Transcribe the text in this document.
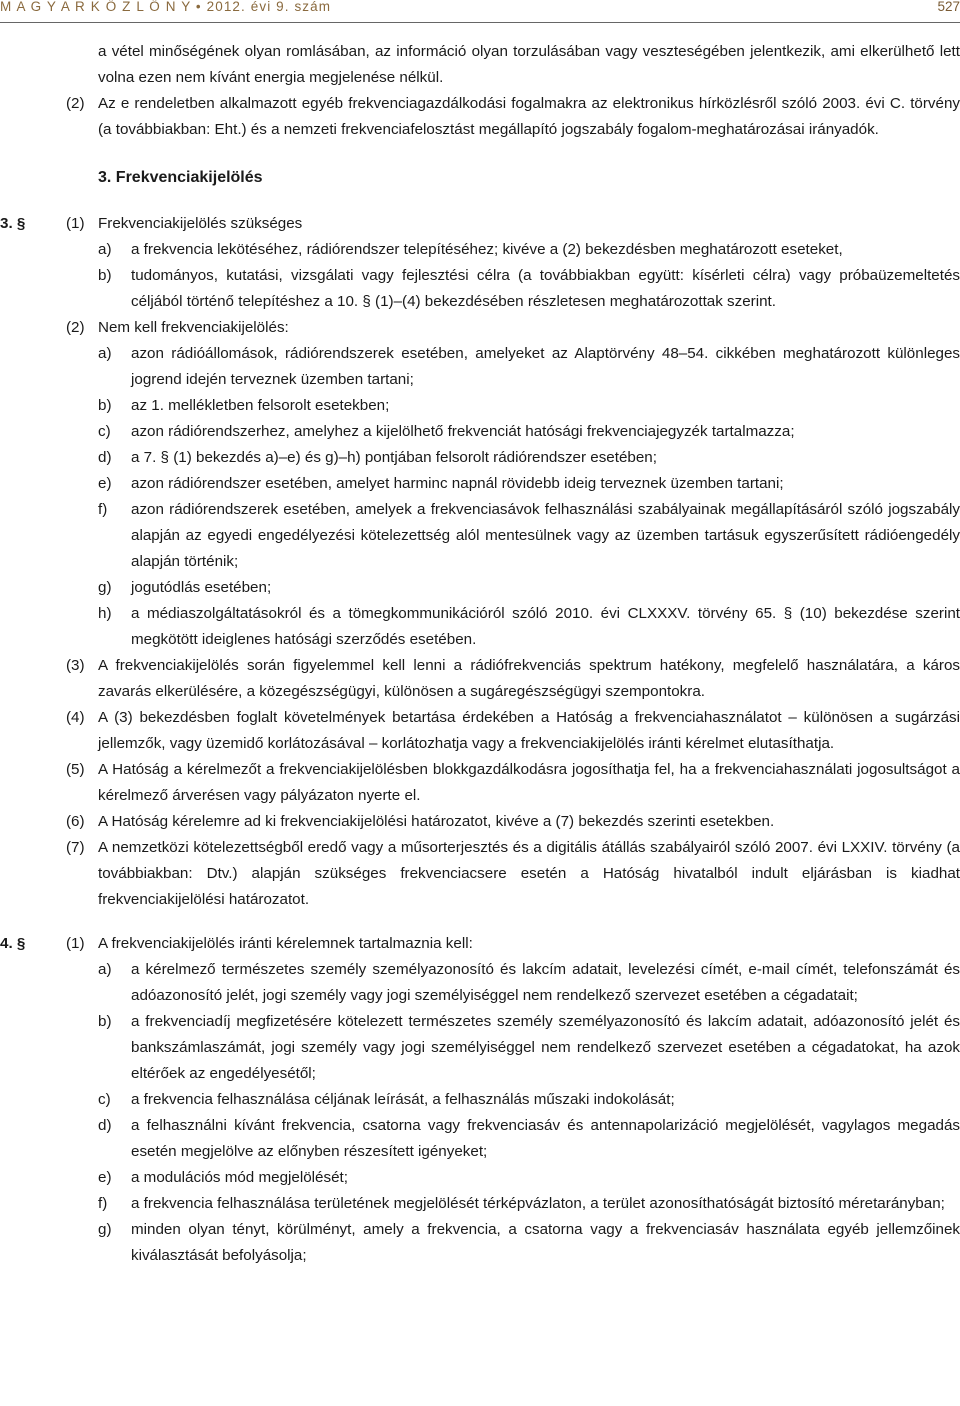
M A G Y A R K Ö Z L Ö N Y • 2012. évi 9. szám	527

a vétel minőségének olyan romlásában, az információ olyan torzulásában vagy veszteségében jelentkezik, ami elkerülhető lett volna ezen nem kívánt energia megjelenése nélkül.

(2) Az e rendeletben alkalmazott egyéb frekvenciagazdálkodási fogalmakra az elektronikus hírközlésről szóló 2003. évi C. törvény (a továbbiakban: Eht.) és a nemzeti frekvenciafelosztást megállapító jogszabály fogalom-meghatározásai irányadók.

3. Frekvenciakijelölés
3. §	(1) Frekvenciakijelölés szükséges

a) a frekvencia lekötéséhez, rádiórendszer telepítéséhez; kivéve a (2) bekezdésben meghatározott eseteket,

b) tudományos, kutatási, vizsgálati vagy fejlesztési célra (a továbbiakban együtt: kísérleti célra) vagy próbaüzemeltetés céljából történő telepítéshez a 10. § (1)–(4) bekezdésében részletesen meghatározottak szerint.

(2) Nem kell frekvenciakijelölés:

a) azon rádióállomások, rádiórendszerek esetében, amelyeket az Alaptörvény 48–54. cikkében meghatározott különleges jogrend idején terveznek üzemben tartani;

b) az 1. mellékletben felsorolt esetekben;

c) azon rádiórendszerhez, amelyhez a kijelölhető frekvenciát hatósági frekvenciajegyzék tartalmazza;

d) a 7. § (1) bekezdés a)–e) és g)–h) pontjában felsorolt rádiórendszer esetében;

e) azon rádiórendszer esetében, amelyet harminc napnál rövidebb ideig terveznek üzemben tartani;

f) azon rádiórendszerek esetében, amelyek a frekvenciasávok felhasználási szabályainak megállapításáról szóló jogszabály alapján az egyedi engedélyezési kötelezettség alól mentesülnek vagy az üzemben tartásuk egyszerűsített rádióengedély alapján történik;

g) jogutódlás esetében;

h) a médiaszolgáltatásokról és a tömegkommunikációról szóló 2010. évi CLXXXV. törvény 65. § (10) bekezdése szerint megkötött ideiglenes hatósági szerződés esetében.

(3) A frekvenciakijelölés során figyelemmel kell lenni a rádiófrekvenciás spektrum hatékony, megfelelő használatára, a káros zavarás elkerülésére, a közegészségügyi, különösen a sugáregészségügyi szempontokra.

(4) A (3) bekezdésben foglalt követelmények betartása érdekében a Hatóság a frekvenciahasználatot – különösen a sugárzási jellemzők, vagy üzemidő korlátozásával – korlátozhatja vagy a frekvenciakijelölés iránti kérelmet elutasíthatja.

(5) A Hatóság a kérelmezőt a frekvenciakijelölésben blokkgazdálkodásra jogosíthatja fel, ha a frekvenciahasználati jogosultságot a kérelmező árverésen vagy pályázaton nyerte el.

(6) A Hatóság kérelemre ad ki frekvenciakijelölési határozatot, kivéve a (7) bekezdés szerinti esetekben.

(7) A nemzetközi kötelezettségből eredő vagy a műsorterjesztés és a digitális átállás szabályairól szóló 2007. évi LXXIV. törvény (a továbbiakban: Dtv.) alapján szükséges frekvenciacsere esetén a Hatóság hivatalból indult eljárásban is kiadhat frekvenciakijelölési határozatot.

4. §	(1) A frekvenciakijelölés iránti kérelemnek tartalmaznia kell:

a) a kérelmező természetes személy személyazonosító és lakcím adatait, levelezési címét, e-mail címét, telefonszámát és adóazonosító jelét, jogi személy vagy jogi személyiséggel nem rendelkező szervezet esetében a cégadatait;

b) a frekvenciadíj megfizetésére kötelezett természetes személy személyazonosító és lakcím adatait, adóazonosító jelét és bankszámlaszámát, jogi személy vagy jogi személyiséggel nem rendelkező szervezet esetében a cégadatokat, ha azok eltérőek az engedélyesétől;

c) a frekvencia felhasználása céljának leírását, a felhasználás műszaki indokolását;

d) a felhasználni kívánt frekvencia, csatorna vagy frekvenciasáv és antennapolarizáció megjelölését, vagylagos megadás esetén megjelölve az előnyben részesített igényeket;

e) a modulációs mód megjelölését;

f) a frekvencia felhasználása területének megjelölését térképvázlaton, a terület azonosíthatóságát biztosító méretarányban;

g) minden olyan tényt, körülményt, amely a frekvencia, a csatorna vagy a frekvenciasáv használata egyéb jellemzőinek kiválasztását befolyásolja;
